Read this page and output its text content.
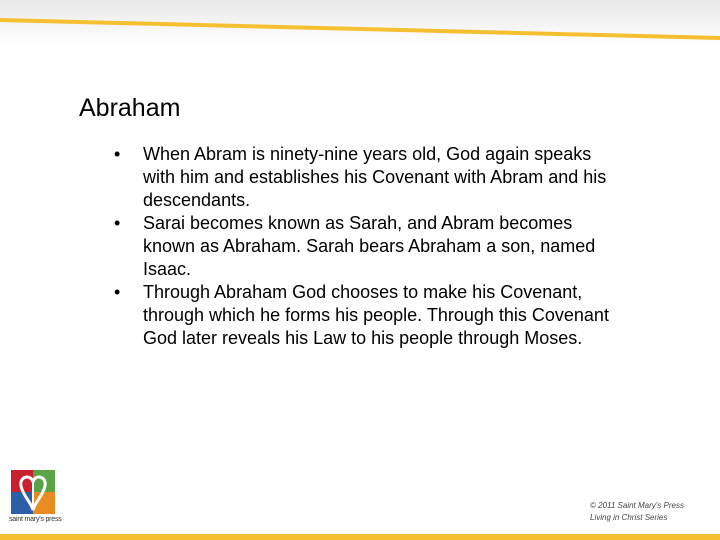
Abraham
• When Abram is ninety-nine years old, God again speaks with him and establishes his Covenant with Abram and his descendants.
• Sarai becomes known as Sarah, and Abram becomes known as Abraham. Sarah bears Abraham a son, named Isaac.
• Through Abraham God chooses to make his Covenant, through which he forms his people. Through this Covenant God later reveals his Law to his people through Moses.
saint mary's press
© 2011 Saint Mary's Press
Living in Christ Series
